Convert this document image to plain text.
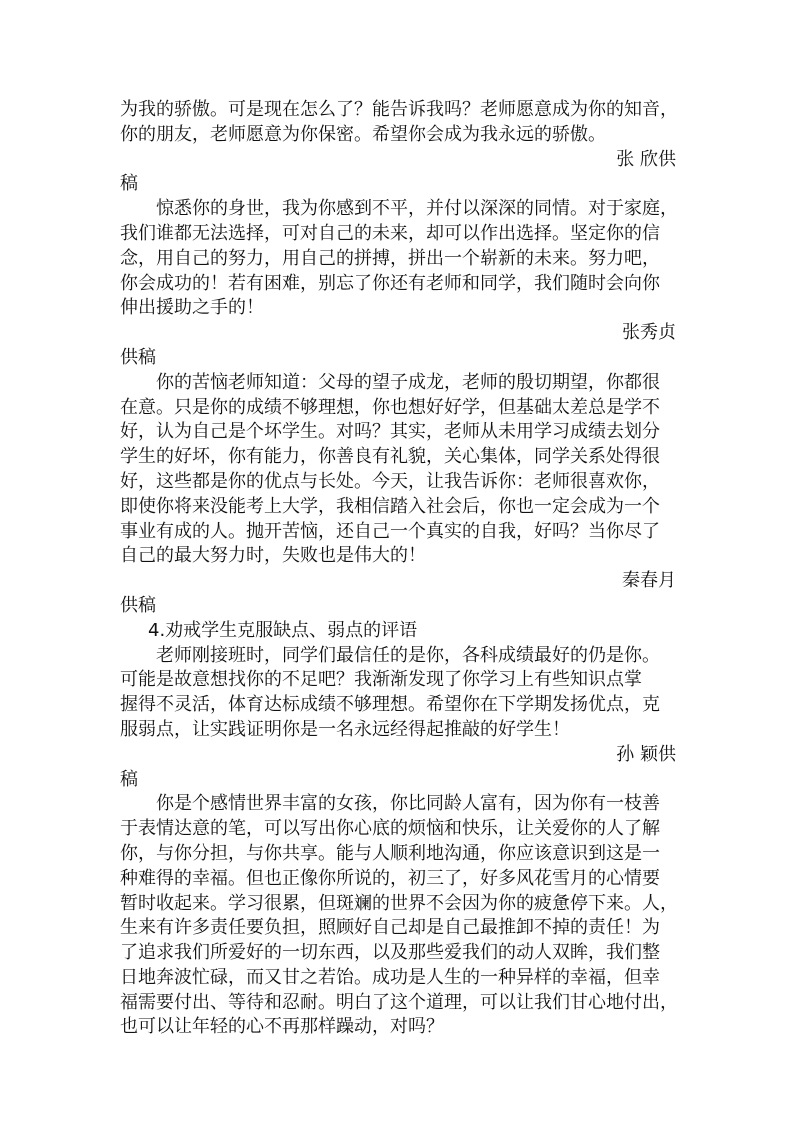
为我的骄傲。可是现在怎么了？能告诉我吗？老师愿意成为你的知音，
你的朋友，老师愿意为你保密。希望你会成为我永远的骄傲。
张 欣供
稿
惊悉你的身世，我为你感到不平，并付以深深的同情。对于家庭，
我们谁都无法选择，可对自己的未来，却可以作出选择。坚定你的信
念，用自己的努力，用自己的拼搏，拼出一个崭新的未来。努力吧，
你会成功的！若有困难，别忘了你还有老师和同学，我们随时会向你
伸出援助之手的！
张秀贞
供稿
你的苦恼老师知道：父母的望子成龙，老师的殷切期望，你都很
在意。只是你的成绩不够理想，你也想好好学，但基础太差总是学不
好，认为自己是个坏学生。对吗？其实，老师从未用学习成绩去划分
学生的好坏，你有能力，你善良有礼貌，关心集体，同学关系处得很
好，这些都是你的优点与长处。今天，让我告诉你：老师很喜欢你，
即使你将来没能考上大学，我相信踏入社会后，你也一定会成为一个
事业有成的人。抛开苦恼，还自己一个真实的自我，好吗？当你尽了
自己的最大努力时，失败也是伟大的！
秦春月
供稿
4.劝戒学生克服缺点、弱点的评语
老师刚接班时，同学们最信任的是你，各科成绩最好的仍是你。
可能是故意想找你的不足吧？我渐渐发现了你学习上有些知识点掌
握得不灵活，体育达标成绩不够理想。希望你在下学期发扬优点，克
服弱点，让实践证明你是一名永远经得起推敲的好学生！
孙 颖供
稿
你是个感情世界丰富的女孩，你比同龄人富有，因为你有一枝善
于表情达意的笔，可以写出你心底的烦恼和快乐，让关爱你的人了解
你，与你分担，与你共享。能与人顺利地沟通，你应该意识到这是一
种难得的幸福。但也正像你所说的，初三了，好多风花雪月的心情要
暂时收起来。学习很累，但斑斓的世界不会因为你的疲惫停下来。人，
生来有许多责任要负担，照顾好自己却是自己最推卸不掉的责任！为
了追求我们所爱好的一切东西，以及那些爱我们的动人双眸，我们整
日地奔波忙碌，而又甘之若饴。成功是人生的一种异样的幸福，但幸
福需要付出、等待和忍耐。明白了这个道理，可以让我们甘心地付出，
也可以让年轻的心不再那样躁动，对吗？
